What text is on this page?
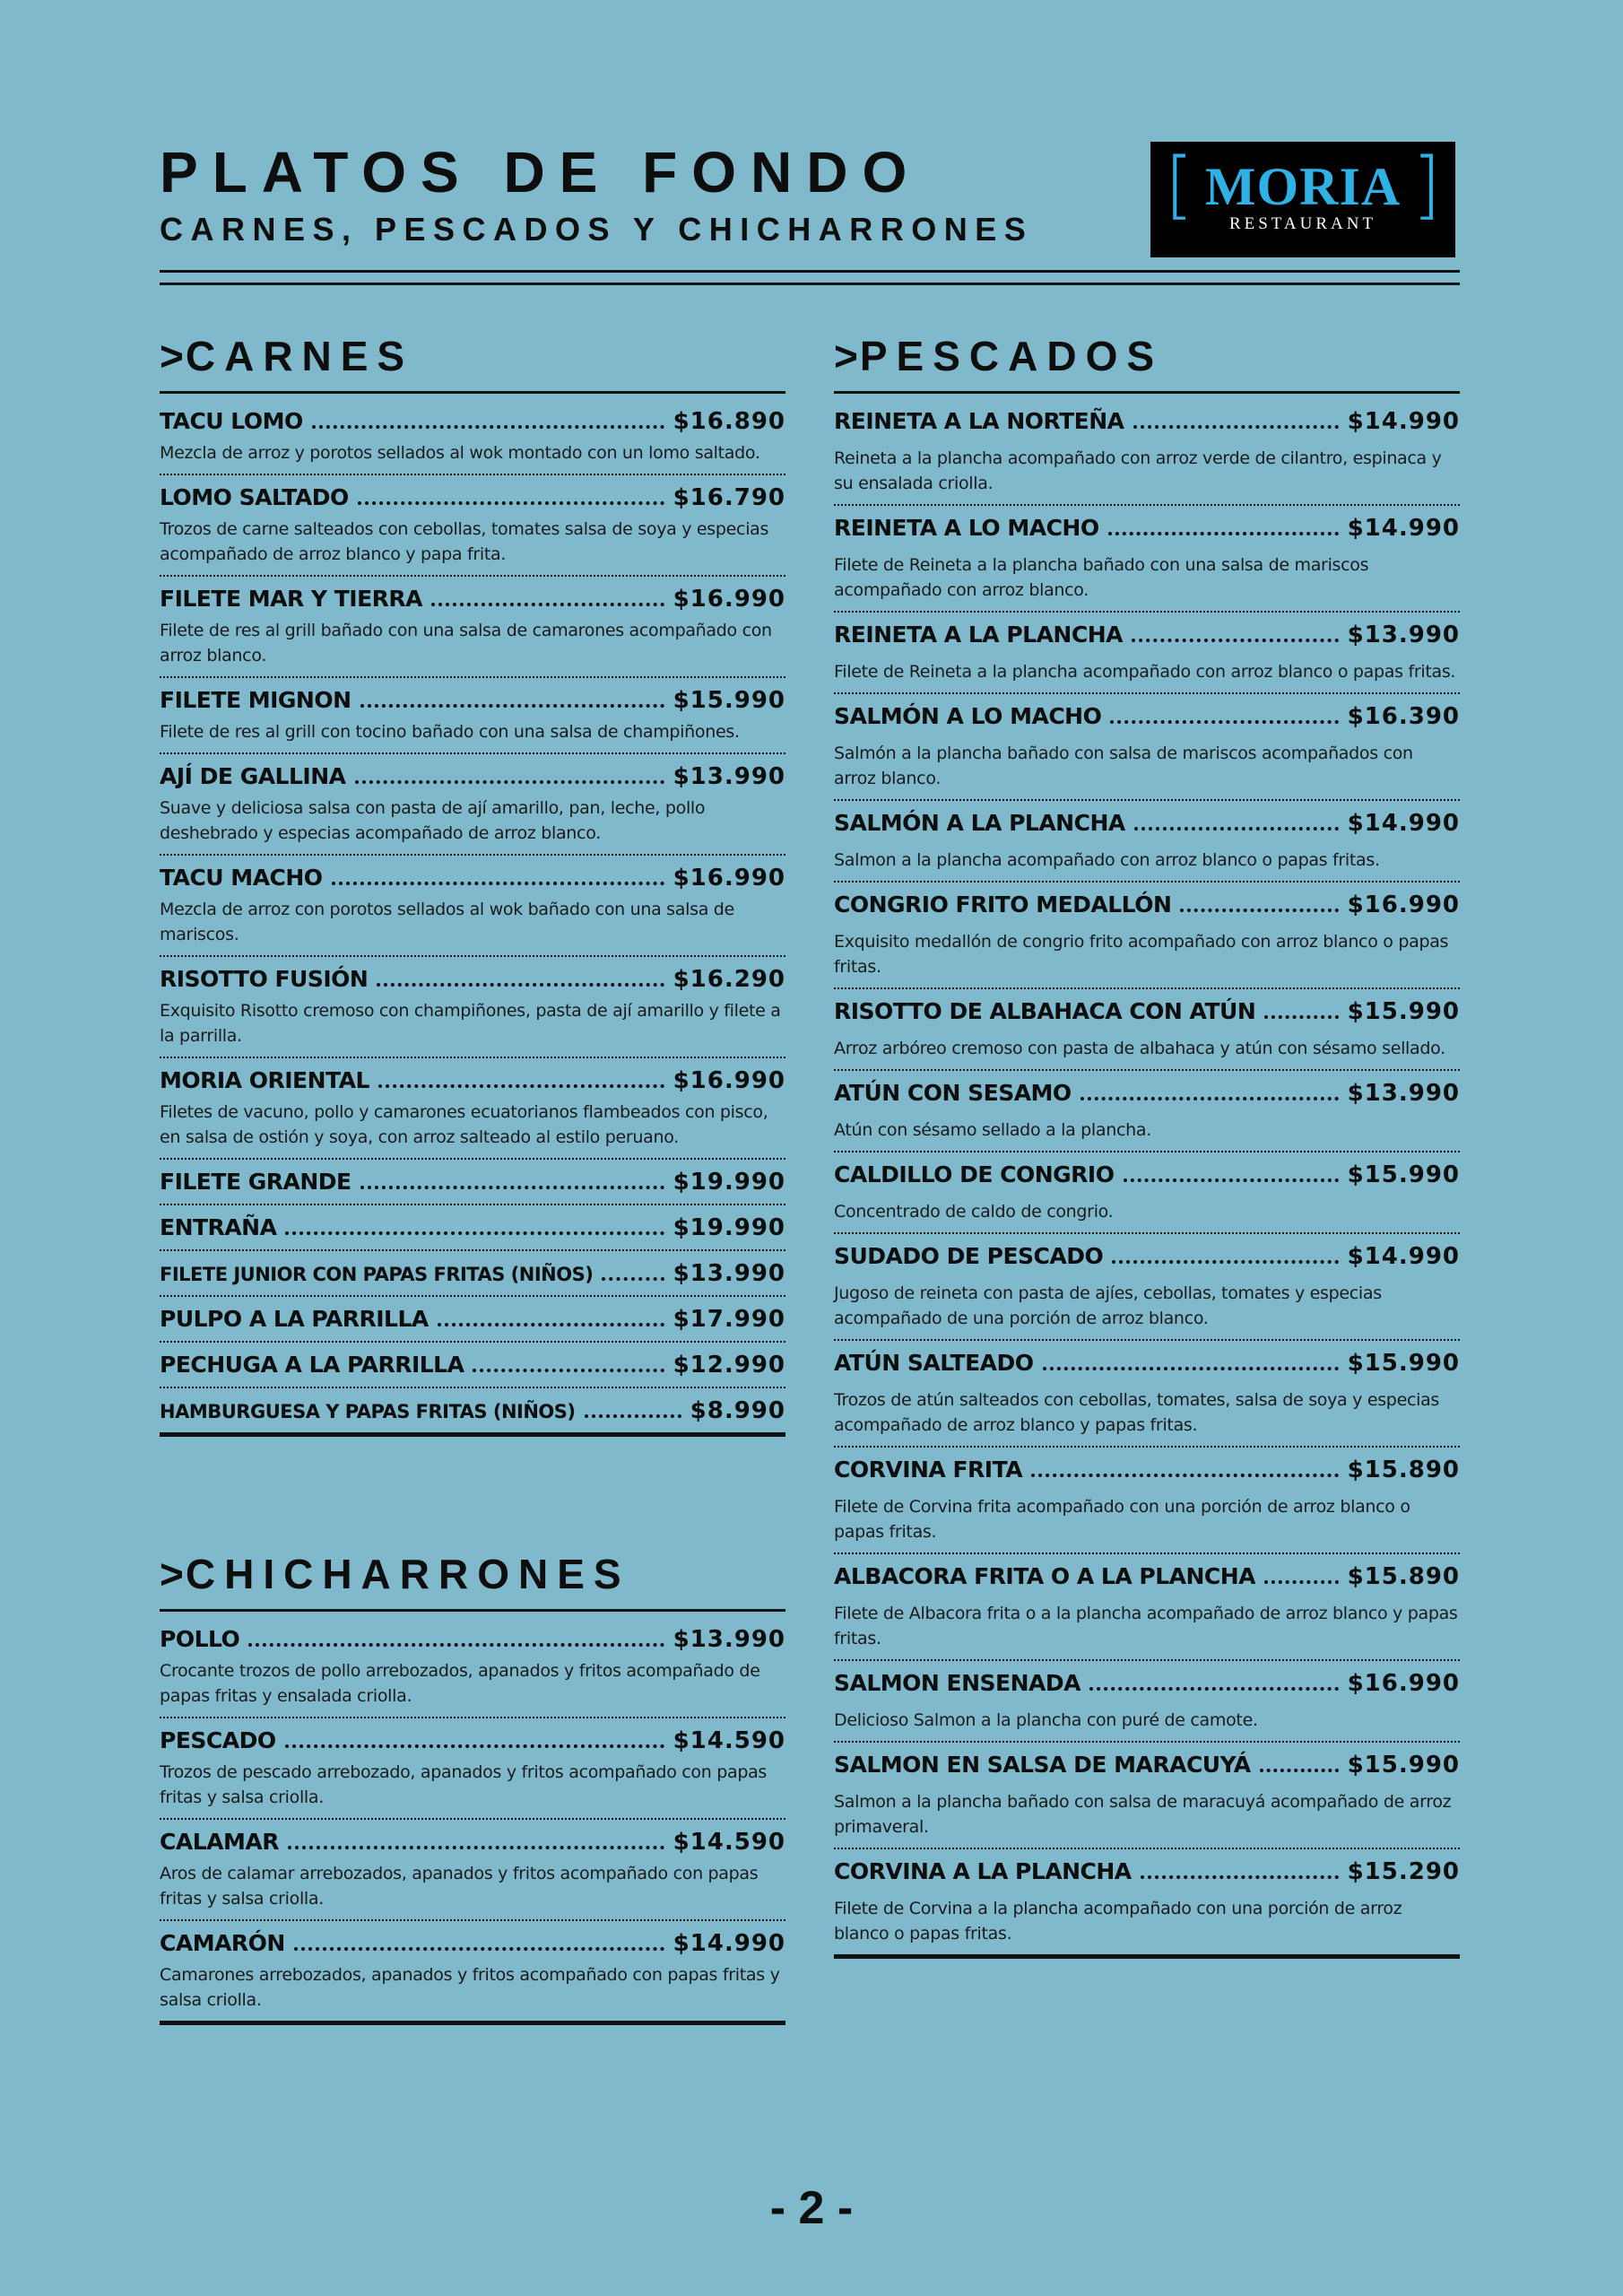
PLATOS DE FONDO
CARNES, PESCADOS Y CHICHARRONES
[ MORIA
RESTAURANT ]
>CARNES
TACU LOMO	$16.890
Mezcla de arroz y porotos sellados al wok montado con un lomo saltado.
LOMO SALTADO	$16.790
Trozos de carne salteados con cebollas, tomates salsa de soya y especias acompañado de arroz blanco y papa frita.
FILETE MAR Y TIERRA	$16.990
Filete de res al grill bañado con una salsa de camarones acompañado con arroz blanco.
FILETE MIGNON	$15.990
Filete de res al grill con tocino bañado con una salsa de champiñones.
AJÍ DE GALLINA	$13.990
Suave y deliciosa salsa con pasta de ají amarillo, pan, leche, pollo deshebrado y especias acompañado de arroz blanco.
TACU MACHO	$16.990
Mezcla de arroz con porotos sellados al wok bañado con una salsa de mariscos.
RISOTTO FUSIÓN	$16.290
Exquisito Risotto cremoso con champiñones, pasta de ají amarillo y filete a la parrilla.
MORIA ORIENTAL	$16.990
Filetes de vacuno, pollo y camarones ecuatorianos flambeados con pisco, en salsa de ostión y soya, con arroz salteado al estilo peruano.
FILETE GRANDE	$19.990
ENTRAÑA	$19.990
FILETE JUNIOR CON PAPAS FRITAS (NIÑOS)	$13.990
PULPO A LA PARRILLA	$17.990
PECHUGA A LA PARRILLA	$12.990
HAMBURGUESA Y PAPAS FRITAS (NIÑOS)	$8.990
>CHICHARRONES
POLLO	$13.990
Crocante trozos de pollo arrebozados, apanados y fritos acompañado de papas fritas y ensalada criolla.
PESCADO	$14.590
Trozos de pescado arrebozado, apanados y fritos acompañado con papas fritas y salsa criolla.
CALAMAR	$14.590
Aros de calamar arrebozados, apanados y fritos acompañado con papas fritas y salsa criolla.
CAMARÓN	$14.990
Camarones arrebozados, apanados y fritos acompañado con papas fritas y salsa criolla.
>PESCADOS
REINETA A LA NORTEÑA	$14.990
Reineta a la plancha acompañado con arroz verde de cilantro, espinaca y su ensalada criolla.
REINETA A LO MACHO	$14.990
Filete de Reineta a la plancha bañado con una salsa de mariscos acompañado con arroz blanco.
REINETA A LA PLANCHA	$13.990
Filete de Reineta a la plancha acompañado con arroz blanco o papas fritas.
SALMÓN A LO MACHO	$16.390
Salmón a la plancha bañado con salsa de mariscos acompañados con arroz blanco.
SALMÓN A LA PLANCHA	$14.990
Salmon a la plancha acompañado con arroz blanco o papas fritas.
CONGRIO FRITO MEDALLÓN	$16.990
Exquisito medallón de congrio frito acompañado con arroz blanco o papas fritas.
RISOTTO DE ALBAHACA CON ATÚN	$15.990
Arroz arbóreo cremoso con pasta de albahaca y atún con sésamo sellado.
ATÚN CON SESAMO	$13.990
Atún con sésamo sellado a la plancha.
CALDILLO DE CONGRIO	$15.990
Concentrado de caldo de congrio.
SUDADO DE PESCADO	$14.990
Jugoso de reineta con pasta de ajíes, cebollas, tomates y especias acompañado de una porción de arroz blanco.
ATÚN SALTEADO	$15.990
Trozos de atún salteados con cebollas, tomates, salsa de soya y especias acompañado de arroz blanco y papas fritas.
CORVINA FRITA	$15.890
Filete de Corvina frita acompañado con una porción de arroz blanco o papas fritas.
ALBACORA FRITA O A LA PLANCHA	$15.890
Filete de Albacora frita o a la plancha acompañado de arroz blanco y papas fritas.
SALMON ENSENADA	$16.990
Delicioso Salmon a la plancha con puré de camote.
SALMON EN SALSA DE MARACUYÁ	$15.990
Salmon a la plancha bañado con salsa de maracuyá acompañado de arroz primaveral.
CORVINA A LA PLANCHA	$15.290
Filete de Corvina a la plancha acompañado con una porción de arroz blanco o papas fritas.
- 2 -
